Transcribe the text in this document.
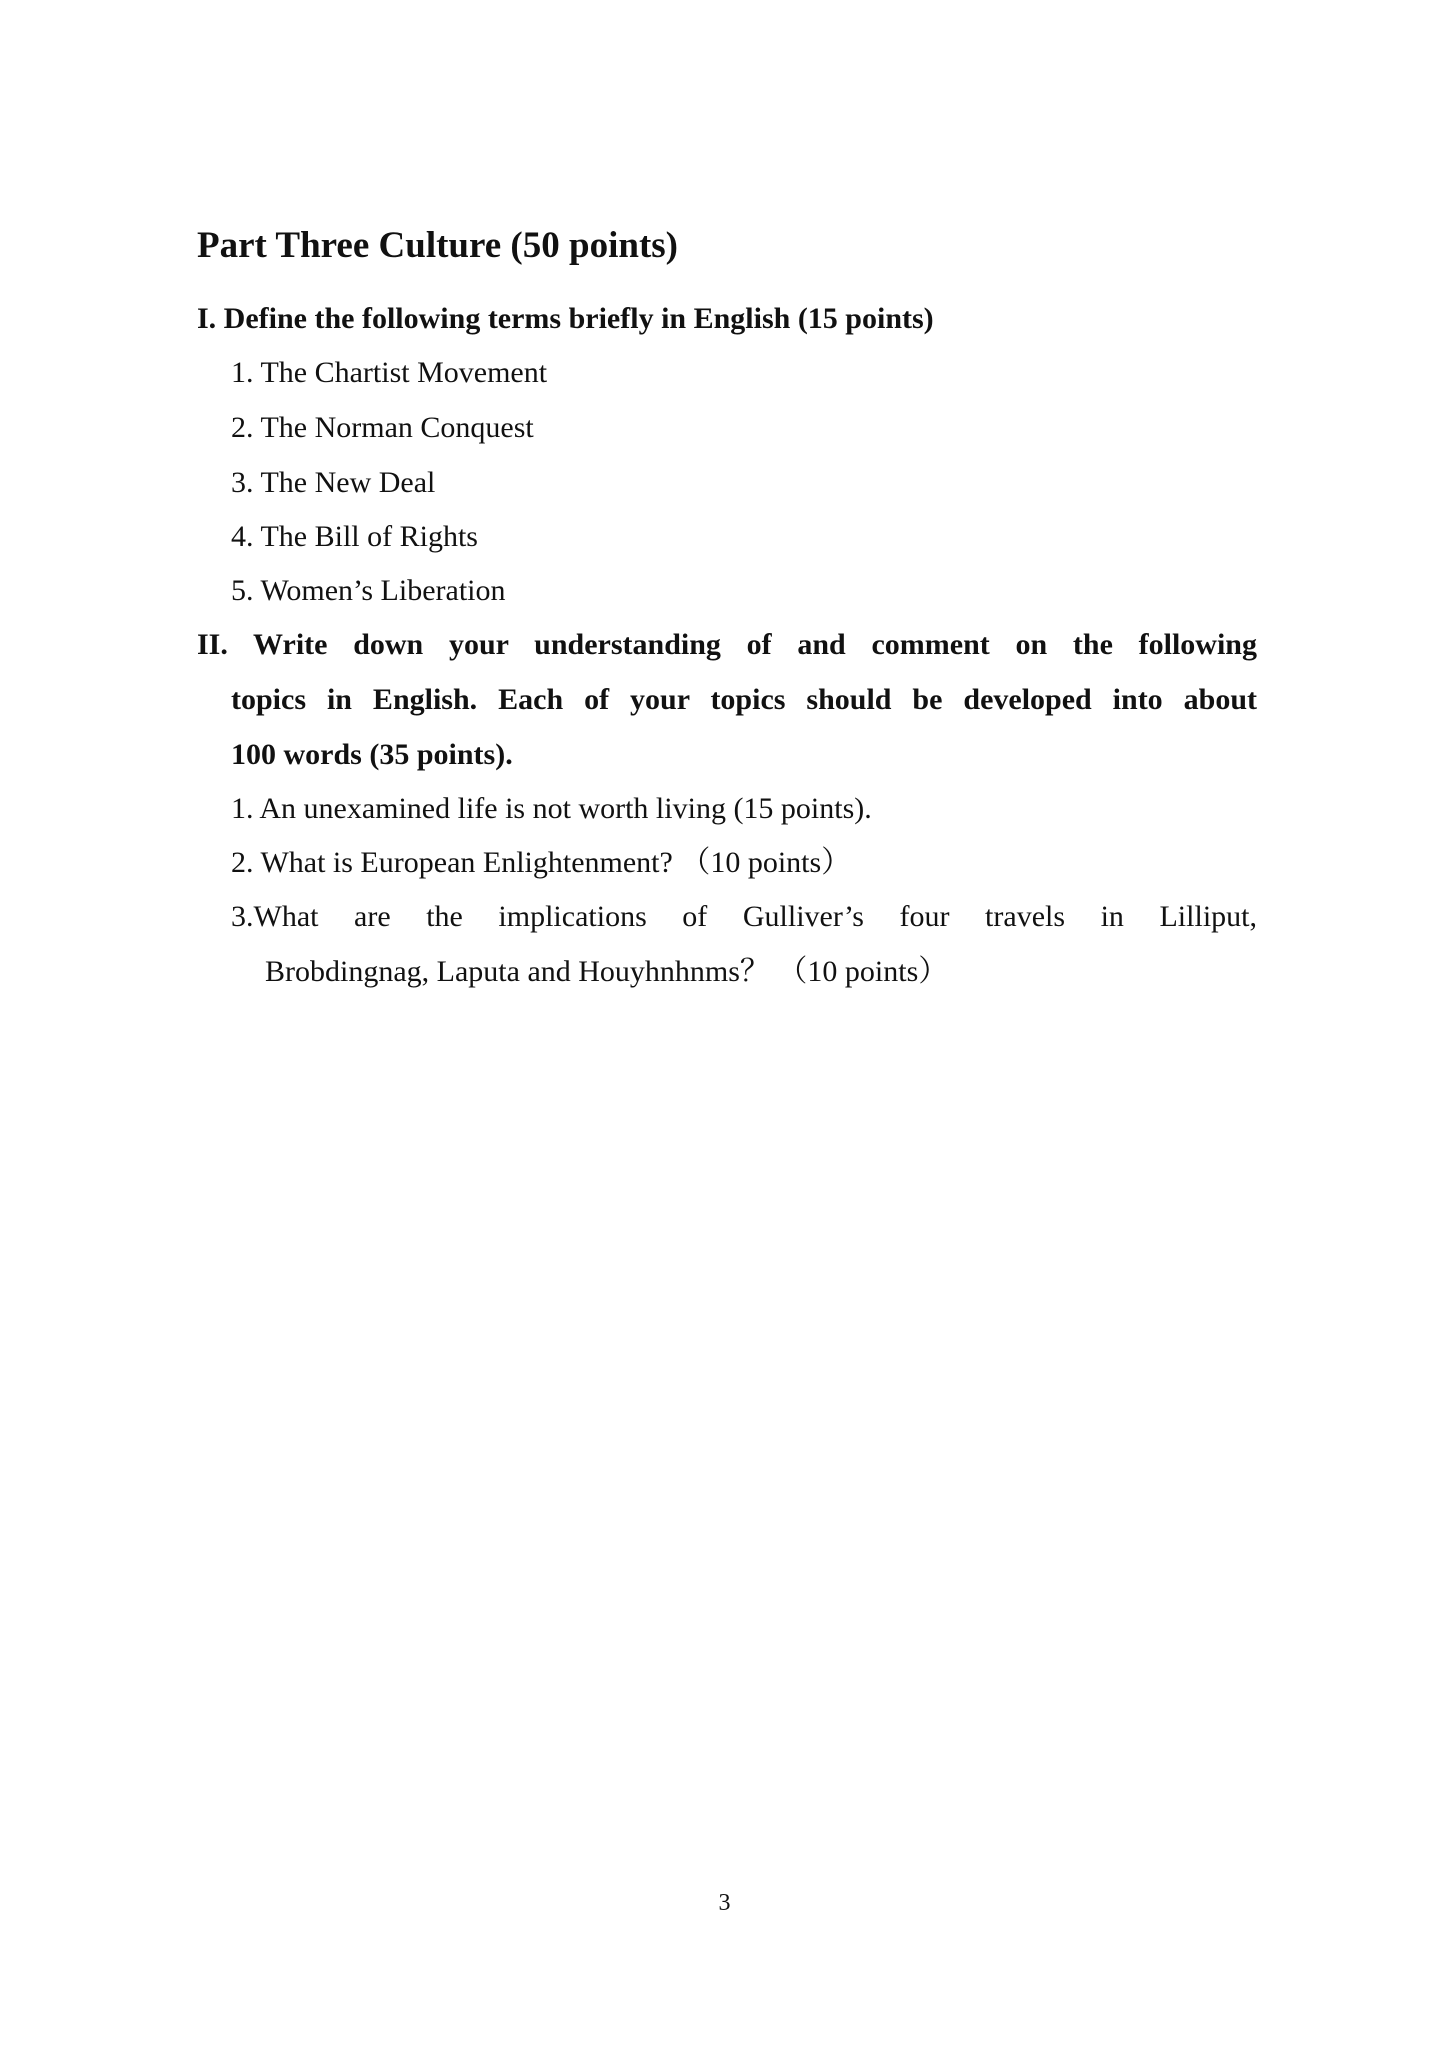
Part Three Culture (50 points)
I. Define the following terms briefly in English (15 points)
1. The Chartist Movement
2. The Norman Conquest
3. The New Deal
4. The Bill of Rights
5. Women’s Liberation
II. Write down your understanding of and comment on the following
topics in English. Each of your topics should be developed into about
100 words (35 points).
1. An unexamined life is not worth living (15 points).
2. What is European Enlightenment? （10 points）
3.What are the implications of Gulliver’s four travels in Lilliput,
Brobdingnag, Laputa and Houyhnhnms？ （10 points）
3
